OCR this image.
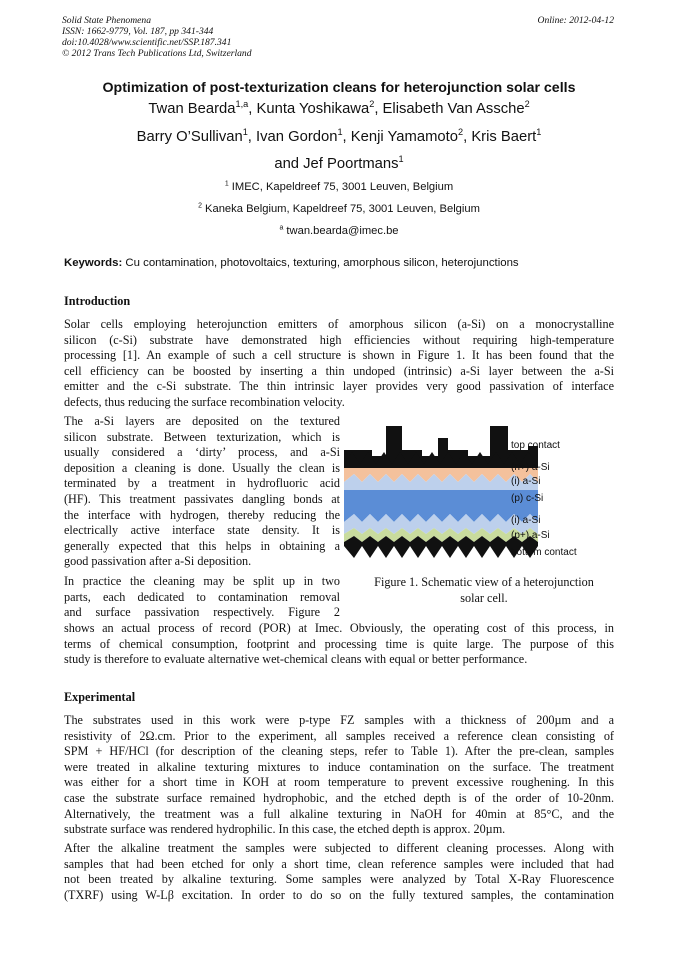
Solid State Phenomena
ISSN: 1662-9779, Vol. 187, pp 341-344
doi:10.4028/www.scientific.net/SSP.187.341
© 2012 Trans Tech Publications Ltd, Switzerland
Online: 2012-04-12
Optimization of post-texturization cleans for heterojunction solar cells
Twan Bearda$^{1,a}$, Kunta Yoshikawa$^2$, Elisabeth Van Assche$^2$
Barry O’Sullivan$^1$, Ivan Gordon$^1$, Kenji Yamamoto$^2$, Kris Baert$^1$
and Jef Poortmans$^1$
$^1$ IMEC, Kapeldreef 75, 3001 Leuven, Belgium
$^2$ Kaneka Belgium, Kapeldreef 75, 3001 Leuven, Belgium
$^a$ twan.bearda@imec.be
Keywords: Cu contamination, photovoltaics, texturing, amorphous silicon, heterojunctions
Introduction
Solar cells employing heterojunction emitters of amorphous silicon (a-Si) on a monocrystalline
silicon (c-Si) substrate have demonstrated high efficiencies without requiring high-temperature
processing [1]. An example of such a cell structure is shown in Figure 1. It has been found that the
cell efficiency can be boosted by inserting a thin undoped (intrinsic) a-Si layer between the a-Si
emitter and the c-Si substrate. The thin intrinsic layer provides very good passivation of interface
defects, thus reducing the surface recombination velocity.
The a-Si layers are deposited on the textured
silicon substrate. Between texturization, which is
usually considered a ‘dirty’ process, and a-Si
deposition a cleaning is done. Usually the clean is
terminated by a treatment in hydrofluoric acid
(HF). This treatment passivates dangling bonds at
the interface with hydrogen, thereby reducing the
electrically active interface state density. It is
generally expected that this helps in obtaining a
good passivation after a-Si deposition.
In practice the cleaning may be split up in two
parts, each dedicated to contamination removal
and surface passivation respectively. Figure 2
shows an actual process of record (POR) at Imec. Obviously, the operating cost of this process, in
terms of chemical consumption, footprint and processing time is quite large. The purpose of this
study is therefore to evaluate alternative wet-chemical cleans with equal or better performance.
top contact
(n+) a-Si
(i) a-Si
(p) c-Si
(i) a-Si
(p+) a-Si
bottom contact
Figure 1. Schematic view of a heterojunction
solar cell.
Experimental
The substrates used in this work were p-type FZ samples with a thickness of 200µm and a
resistivity of 2Ω.cm. Prior to the experiment, all samples received a reference clean consisting of
SPM + HF/HCl (for description of the cleaning steps, refer to Table 1). After the pre-clean, samples
were treated in alkaline texturing mixtures to induce contamination on the surface. The treatment
was either for a short time in KOH at room temperature to prevent excessive roughening. In this
case the substrate surface remained hydrophobic, and the etched depth is of the order of 10-20nm.
Alternatively, the treatment was a full alkaline texturing in NaOH for 40min at 85°C, and the
substrate surface was rendered hydrophilic. In this case, the etched depth is approx. 20µm.
After the alkaline treatment the samples were subjected to different cleaning processes. Along with
samples that had been etched for only a short time, clean reference samples were included that had
not been treated by alkaline texturing. Some samples were analyzed by Total X-Ray Fluorescence
(TXRF) using W-Lβ excitation. In order to do so on the fully textured samples, the contamination
